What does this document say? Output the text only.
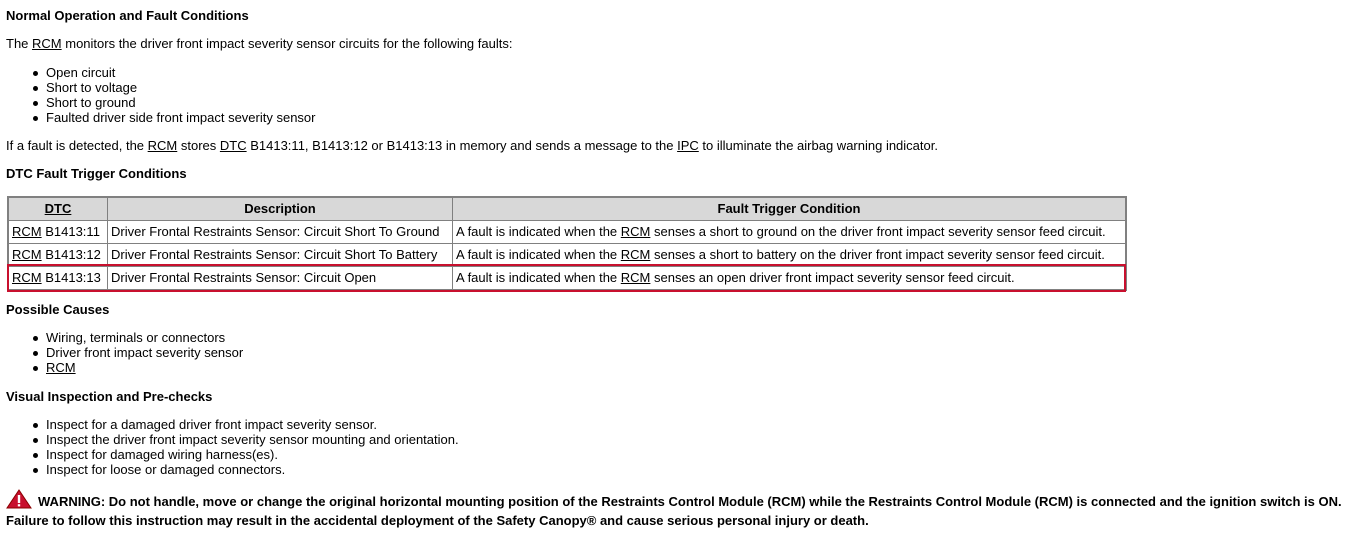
Normal Operation and Fault Conditions
The RCM monitors the driver front impact severity sensor circuits for the following faults:
Open circuit
Short to voltage
Short to ground
Faulted driver side front impact severity sensor
If a fault is detected, the RCM stores DTC B1413:11, B1413:12 or B1413:13 in memory and sends a message to the IPC to illuminate the airbag warning indicator.
DTC Fault Trigger Conditions
DTC	Description	Fault Trigger Condition
RCM B1413:11	Driver Frontal Restraints Sensor: Circuit Short To Ground	A fault is indicated when the RCM senses a short to ground on the driver front impact severity sensor feed circuit.
RCM B1413:12	Driver Frontal Restraints Sensor: Circuit Short To Battery	A fault is indicated when the RCM senses a short to battery on the driver front impact severity sensor feed circuit.
RCM B1413:13	Driver Frontal Restraints Sensor: Circuit Open	A fault is indicated when the RCM senses an open driver front impact severity sensor feed circuit.
Possible Causes
Wiring, terminals or connectors
Driver front impact severity sensor
RCM
Visual Inspection and Pre-checks
Inspect for a damaged driver front impact severity sensor.
Inspect the driver front impact severity sensor mounting and orientation.
Inspect for damaged wiring harness(es).
Inspect for loose or damaged connectors.
WARNING: Do not handle, move or change the original horizontal mounting position of the Restraints Control Module (RCM) while the Restraints Control Module (RCM) is connected and the ignition switch is ON. Failure to follow this instruction may result in the accidental deployment of the Safety Canopy® and cause serious personal injury or death.
